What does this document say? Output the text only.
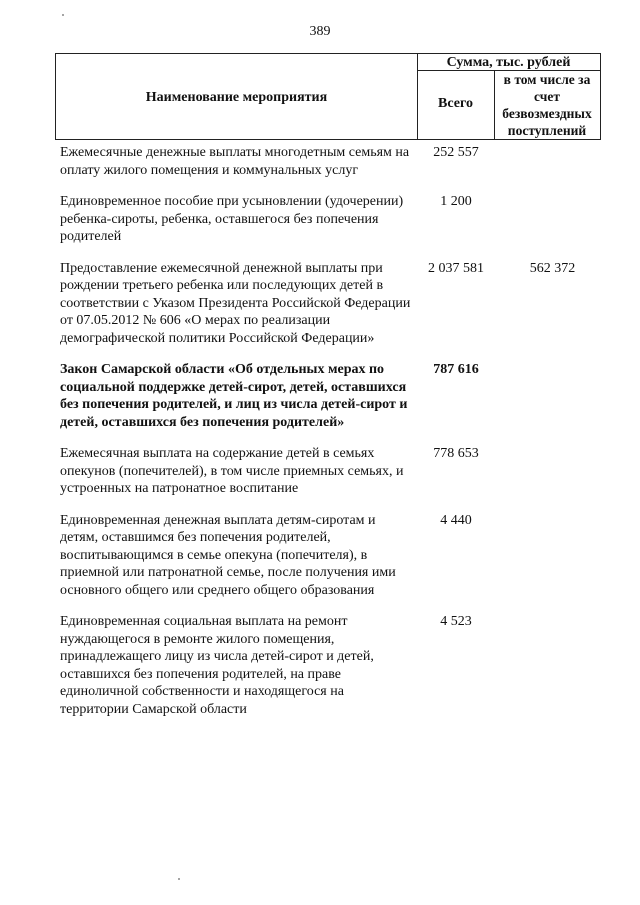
389
Наименование мероприятия
Сумма, тыс. рублей
Всего
в том числе за счет безвозмездных поступлений
Ежемесячные денежные выплаты многодетным семьям на оплату жилого помещения и коммунальных услуг
252 557
Единовременное пособие при усыновлении (удочерении) ребенка-сироты, ребенка, оставшегося без попечения родителей
1 200
Предоставление ежемесячной денежной выплаты при рождении третьего ребенка или последующих детей в соответствии с Указом Президента Российской Федерации от 07.05.2012 № 606 «О мерах по реализации демографической политики Российской Федерации»
2 037 581	562 372
Закон Самарской области «Об отдельных мерах по социальной поддержке детей-сирот, детей, оставшихся без попечения родителей, и лиц из числа детей-сирот и детей, оставшихся без попечения родителей»
787 616
Ежемесячная выплата на содержание детей в семьях опекунов (попечителей), в том числе приемных семьях, и устроенных на патронатное воспитание
778 653
Единовременная денежная выплата детям-сиротам и детям, оставшимся без попечения родителей, воспитывающимся в семье опекуна (попечителя), в приемной или патронатной семье, после получения ими основного общего или среднего общего образования
4 440
Единовременная социальная выплата на ремонт нуждающегося в ремонте жилого помещения, принадлежащего лицу из числа детей-сирот и детей, оставшихся без попечения родителей, на праве единоличной собственности и находящегося на территории Самарской области
4 523
